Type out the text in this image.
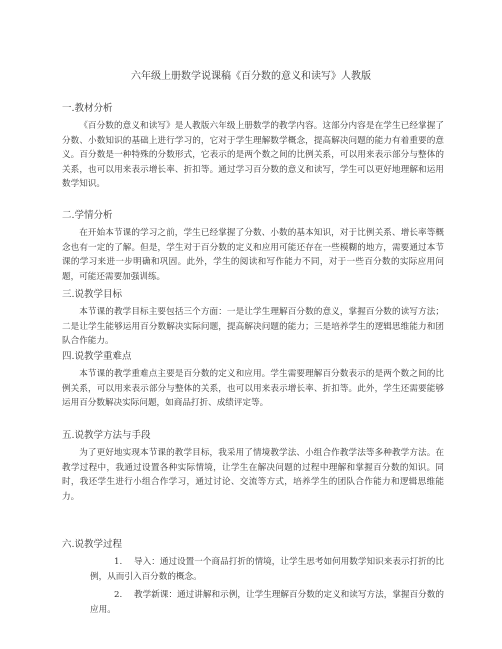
六年级上册数学说课稿《百分数的意义和读写》人教版

一.教材分析

《百分数的意义和读写》是人教版六年级上册数学的教学内容。这部分内容是在学生已经掌握了分数、小数知识的基础上进行学习的，它对于学生理解数学概念，提高解决问题的能力有着重要的意义。百分数是一种特殊的分数形式，它表示的是两个数之间的比例关系，可以用来表示部分与整体的关系，也可以用来表示增长率、折扣等。通过学习百分数的意义和读写，学生可以更好地理解和运用数学知识。

二.学情分析

在开始本节课的学习之前，学生已经掌握了分数、小数的基本知识，对于比例关系、增长率等概念也有一定的了解。但是，学生对于百分数的定义和应用可能还存在一些模糊的地方，需要通过本节课的学习来进一步明确和巩固。此外，学生的阅读和写作能力不同，对于一些百分数的实际应用问题，可能还需要加强训练。

三.说教学目标

本节课的教学目标主要包括三个方面：一是让学生理解百分数的意义，掌握百分数的读写方法；二是让学生能够运用百分数解决实际问题，提高解决问题的能力；三是培养学生的逻辑思维能力和团队合作能力。

四.说教学重难点

本节课的教学重难点主要是百分数的定义和应用。学生需要理解百分数表示的是两个数之间的比例关系，可以用来表示部分与整体的关系，也可以用来表示增长率、折扣等。此外，学生还需要能够运用百分数解决实际问题，如商品打折、成绩评定等。

五.说教学方法与手段

为了更好地实现本节课的教学目标，我采用了情境教学法、小组合作教学法等多种教学方法。在教学过程中，我通过设置各种实际情境，让学生在解决问题的过程中理解和掌握百分数的知识。同时，我还学生进行小组合作学习，通过讨论、交流等方式，培养学生的团队合作能力和逻辑思维能力。

六.说教学过程

1. 导入：通过设置一个商品打折的情境，让学生思考如何用数学知识来表示打折的比例，从而引入百分数的概念。

2. 教学新课：通过讲解和示例，让学生理解百分数的定义和读写方法，掌握百分数的应用。
